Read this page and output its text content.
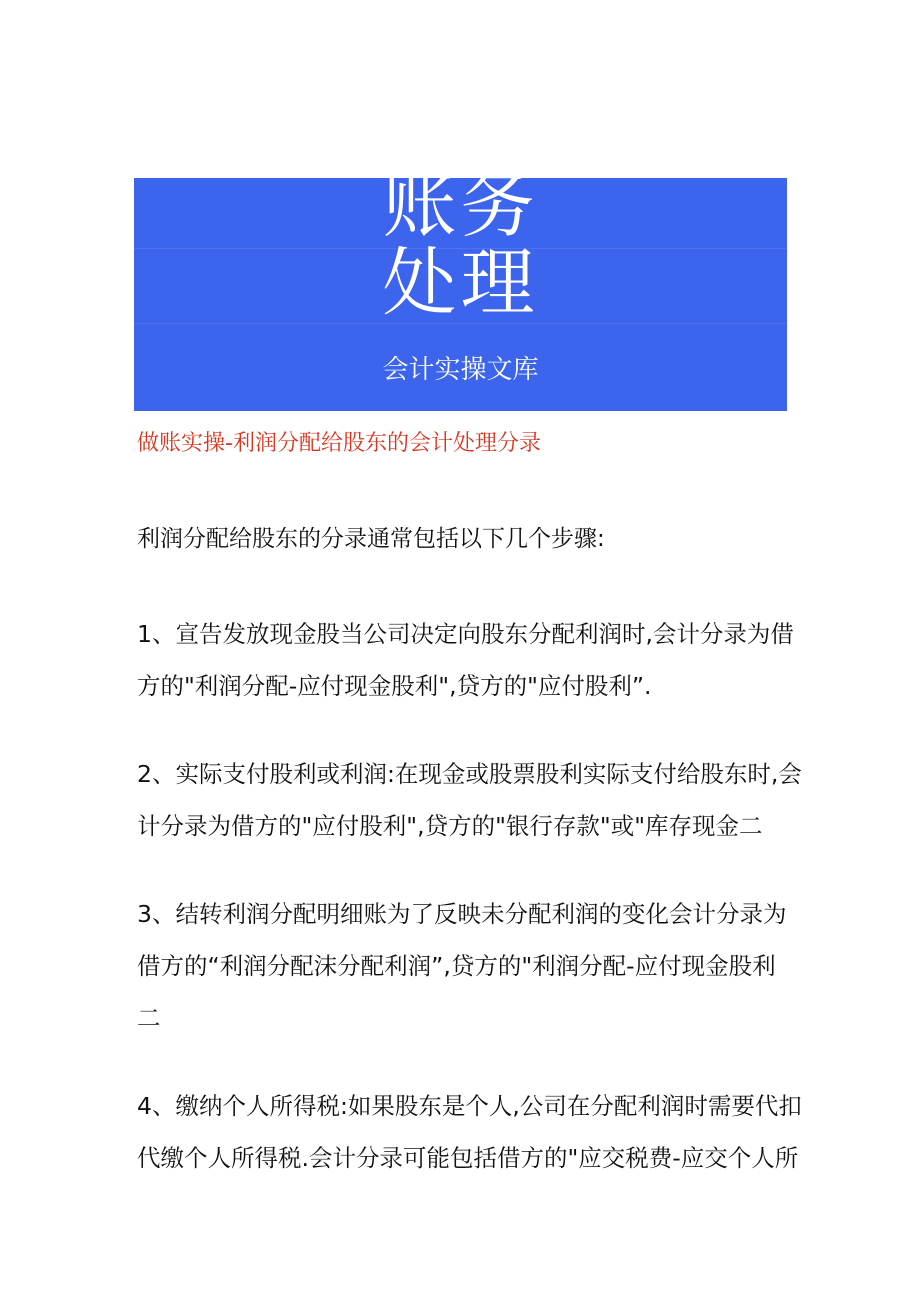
账务
处理
会计实操文库
做账实操-利润分配给股东的会计处理分录
利润分配给股东的分录通常包括以下几个步骤:
1、宣告发放现金股当公司决定向股东分配利润时,会计分录为借
方的"利润分配-应付现金股利",贷方的"应付股利”.
2、实际支付股利或利润:在现金或股票股利实际支付给股东时,会
计分录为借方的"应付股利",贷方的"银行存款"或"库存现金二
3、结转利润分配明细账为了反映未分配利润的变化会计分录为
借方的“利润分配沫分配利润”,贷方的"利润分配-应付现金股利
二
4、缴纳个人所得税:如果股东是个人,公司在分配利润时需要代扣
代缴个人所得税.会计分录可能包括借方的"应交税费-应交个人所
